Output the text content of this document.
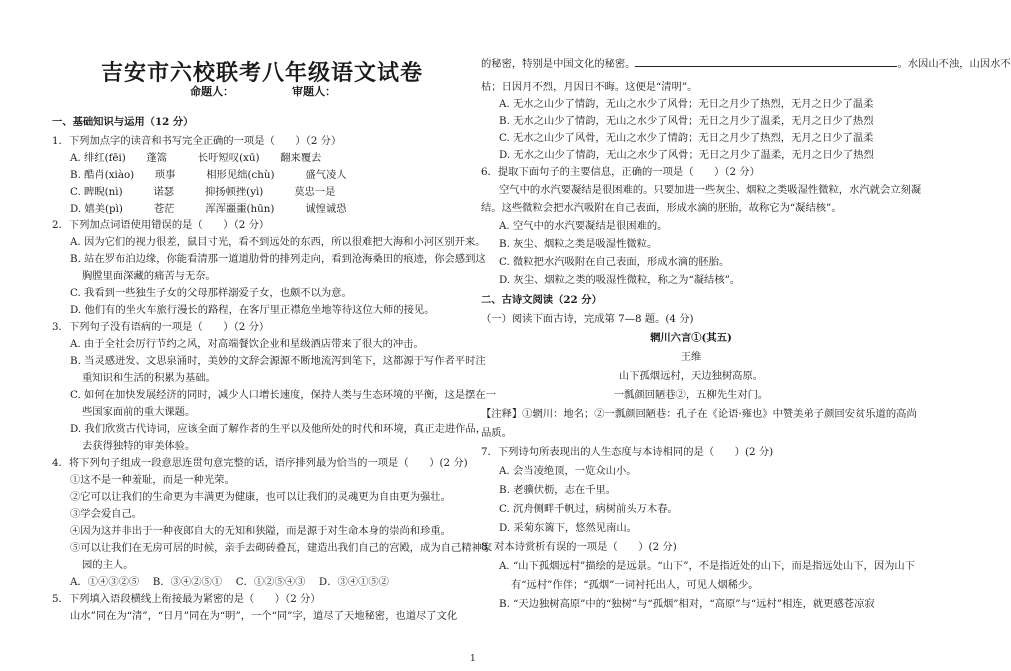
吉安市六校联考八年级语文试卷
命题人：	审题人：
一、基础知识与运用（12 分）
1．下列加点字的读音和书写完全正确的一项是（　　）（2 分）
A. 绯红(fēi)　　蓬篙　　　长吁短叹(xū)　　翻来覆去
B. 酷肖(xiào)　　琐事　　　相形见绌(chù)　　　盛气凌人
C. 睥睨(nì)　　　诺瑟　　　抑扬顿挫(yì)　　　莫忠一是
D. 嬉美(pì)　　　苍茫　　　浑浑噩噩(hūn)　　　诚惶诚恐
2．下列加点词语使用错误的是（　　）（2 分）
A. 因为它们的视力很差，鼠目寸光，看不到远处的东西，所以很难把大海和小河区别开来。
B. 站在罗布泊边缘，你能看清那一道道肋骨的排列走向，看到沧海桑田的痕迹，你会感到这
胸膛里面深藏的痛苦与无奈。
C. 我看到一些独生子女的父母那样溺爱子女，也颇不以为意。
D. 他们有的坐火车旅行漫长的路程，在客厅里正襟危坐地等待这位大师的接见。
3．下列句子没有语病的一项是（　　）（2 分）
A. 由于全社会厉行节约之风，对高端餐饮企业和星级酒店带来了很大的冲击。
B. 当灵感迸发、文思泉涌时，美妙的文辞会源源不断地流泻到笔下，这都源于写作者平时注
重知识和生活的积累为基础。
C. 如何在加快发展经济的同时，减少人口增长速度，保持人类与生态环境的平衡，这是摆在一
些国家面前的重大课题。
D. 我们欣赏古代诗词，应该全面了解作者的生平以及他所处的时代和环境，真正走进作品，
去获得独特的审美体验。
4．将下列句子组成一段意思连贯句意完整的话，语序排列最为恰当的一项是（　　）(2 分)
①这不是一种羞耻，而是一种光荣。
②它可以让我们的生命更为丰满更为健康，也可以让我们的灵魂更为自由更为强壮。
③学会爱自己。
④因为这并非出于一种夜郎自大的无知和狭隘，而是源于对生命本身的崇尚和珍重。
⑤可以让我们在无房可居的时候，亲手去砌砖叠瓦，建造出我们自己的宫殿，成为自己精神家
园的主人。
A．①④③②⑤　 B．③④②⑤①　 C．①②⑤④③　 D．③④①⑤②
5．下列填入语段横线上衔接最为紧密的是（　　）（2 分）
山水”同在为“清”，“日月”同在为“明”，一个“同”字，道尽了天地秘密，也道尽了文化
的秘密，特别是中国文化的秘密。	。水因山不浊，山因水不
枯；日因月不烈，月因日不晦。这便是“清明”。
A. 无水之山少了情韵，无山之水少了风骨；无日之月少了热烈，无月之日少了温柔
B. 无水之山少了情韵，无山之水少了风骨；无日之月少了温柔，无月之日少了热烈
C. 无水之山少了风骨，无山之水少了情韵；无日之月少了热烈，无月之日少了温柔
D. 无水之山少了情韵，无山之水少了风骨；无日之月少了温柔，无月之日少了热烈
6．提取下面句子的主要信息，正确的一项是（　　）（2 分）
空气中的水汽要凝结是很困难的。只要加进一些灰尘、烟粒之类吸湿性微粒，水汽就会立刻凝
结。这些微粒会把水汽吸附在自己表面，形成水滴的胚胎，故称它为“凝结核”。
A. 空气中的水汽要凝结是很困难的。
B. 灰尘、烟粒之类是吸湿性微粒。
C. 微粒把水汽吸附在自己表面，形成水滴的胚胎。
D. 灰尘、烟粒之类的吸湿性微粒，称之为“凝结核”。
二、古诗文阅读（22 分）
（一）阅读下面古诗，完成第 7—8 题。(4 分)
辋川六言①(其五)
王维
山下孤烟远村，天边独树高原。
一瓢颜回陋巷②，五柳先生对门。
【注释】①辋川：地名；②一瓢颜回陋巷：孔子在《论语·雍也》中赞美弟子颜回安贫乐道的高尚
品质。
7．下列诗句所表现出的人生态度与本诗相同的是（　　）(2 分)
A. 会当凌绝顶，一览众山小。
B. 老骥伏枥，志在千里。
C. 沉舟侧畔千帆过，病树前头万木春。
D. 采菊东篱下，悠然见南山。
8. 对本诗赏析有误的一项是（　　）(2 分)
A. “山下孤烟远村”描绘的是远景。“山下”，不是指近处的山下，而是指远处山下，因为山下
有“远村”作伴；“孤烟”一词衬托出人，可见人烟稀少。
B. “天边独树高原”中的“独树”与“孤烟”相对，“高原”与“远村”相连，就更感苍凉寂
1
